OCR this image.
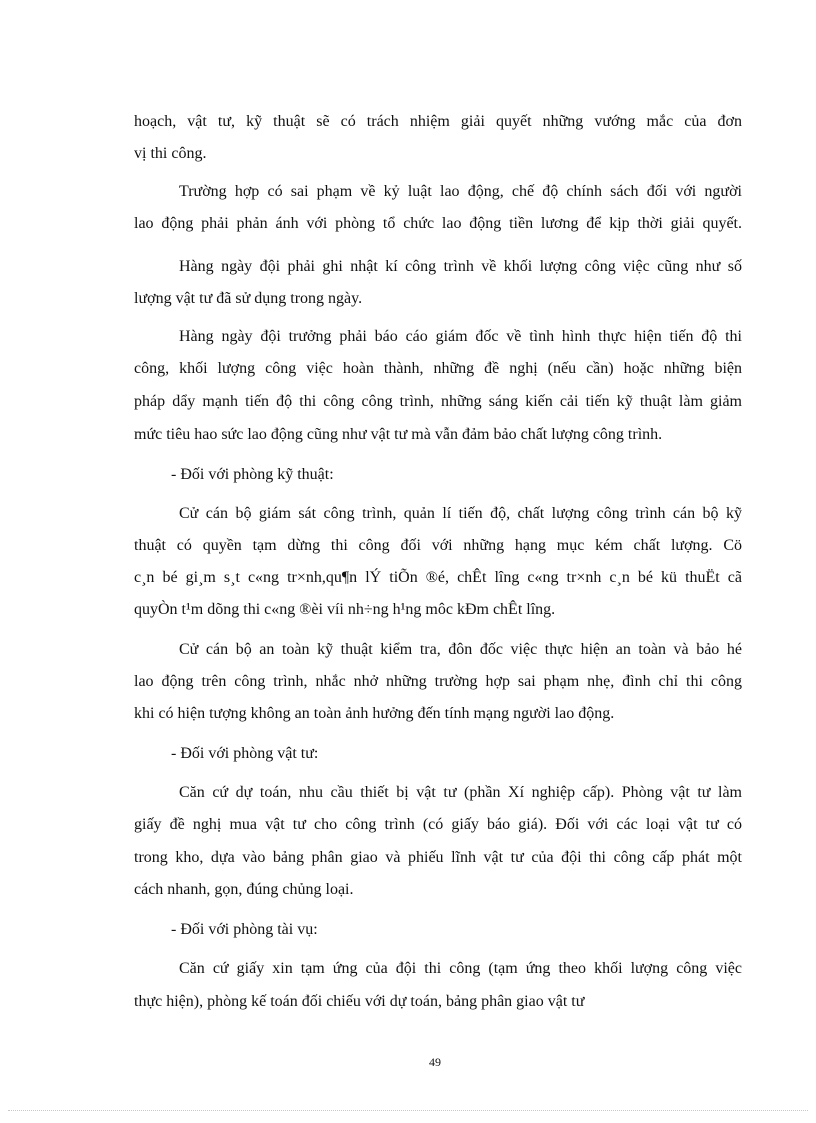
hoạch, vật tư, kỹ thuật sẽ có trách nhiệm giải quyết những vướng mắc của đơn
vị thi công.
Trường hợp có sai phạm về kỷ luật lao động, chế độ chính sách đối với người
lao động phải phản ánh với phòng tổ chức lao động tiền lương để kịp thời giải quyết.
Hàng ngày đội phải ghi nhật kí công trình về khối lượng công việc cũng như số
lượng vật tư đã sử dụng trong ngày.
Hàng ngày đội trưởng phải báo cáo giám đốc về tình hình thực hiện tiến độ thi
công, khối lượng công việc hoàn thành, những đề nghị (nếu cần) hoặc những biện
pháp dẩy mạnh tiến độ thi công công trình, những sáng kiến cải tiến kỹ thuật làm giảm
mức tiêu hao sức lao động cũng như vật tư mà vẫn đảm bảo chất lượng công trình.
- Đối với phòng kỹ thuật:
Cử cán bộ giám sát công trình, quản lí tiến độ, chất lượng công trình cán bộ kỹ
thuật có quyền tạm dừng thi công đối với những hạng mục kém chất lượng. Cö
c¸n bé gi¸m s¸t c«ng tr×nh,qu¶n lÝ tiÕn ®é, chÊt lîng c«ng tr×nh c¸n bé kü thuËt cã
quyÒn t¹m dõng thi c«ng ®èi víi nh÷ng h¹ng môc kÐm chÊt lîng.
Cử cán bộ an toàn kỹ thuật kiểm tra, đôn đốc việc thực hiện an toàn và bảo hé
lao động trên công trình, nhắc nhở những trường hợp sai phạm nhẹ, đình chỉ thi công
khi có hiện tượng không an toàn ảnh hưởng đến tính mạng người lao động.
- Đối với phòng vật tư:
Căn cứ dự toán, nhu cầu thiết bị vật tư (phần Xí nghiệp cấp). Phòng vật tư làm
giấy đề nghị mua vật tư cho công trình (có giấy báo giá). Đối với các loại vật tư có
trong kho, dựa vào bảng phân giao và phiếu lĩnh vật tư của đội thi công cấp phát một
cách nhanh, gọn, đúng chủng loại.
- Đối với phòng tài vụ:
Căn cứ giấy xin tạm ứng của đội thi công (tạm ứng theo khối lượng công việc
thực hiện), phòng kế toán đối chiếu với dự toán, bảng phân giao vật tư
49
